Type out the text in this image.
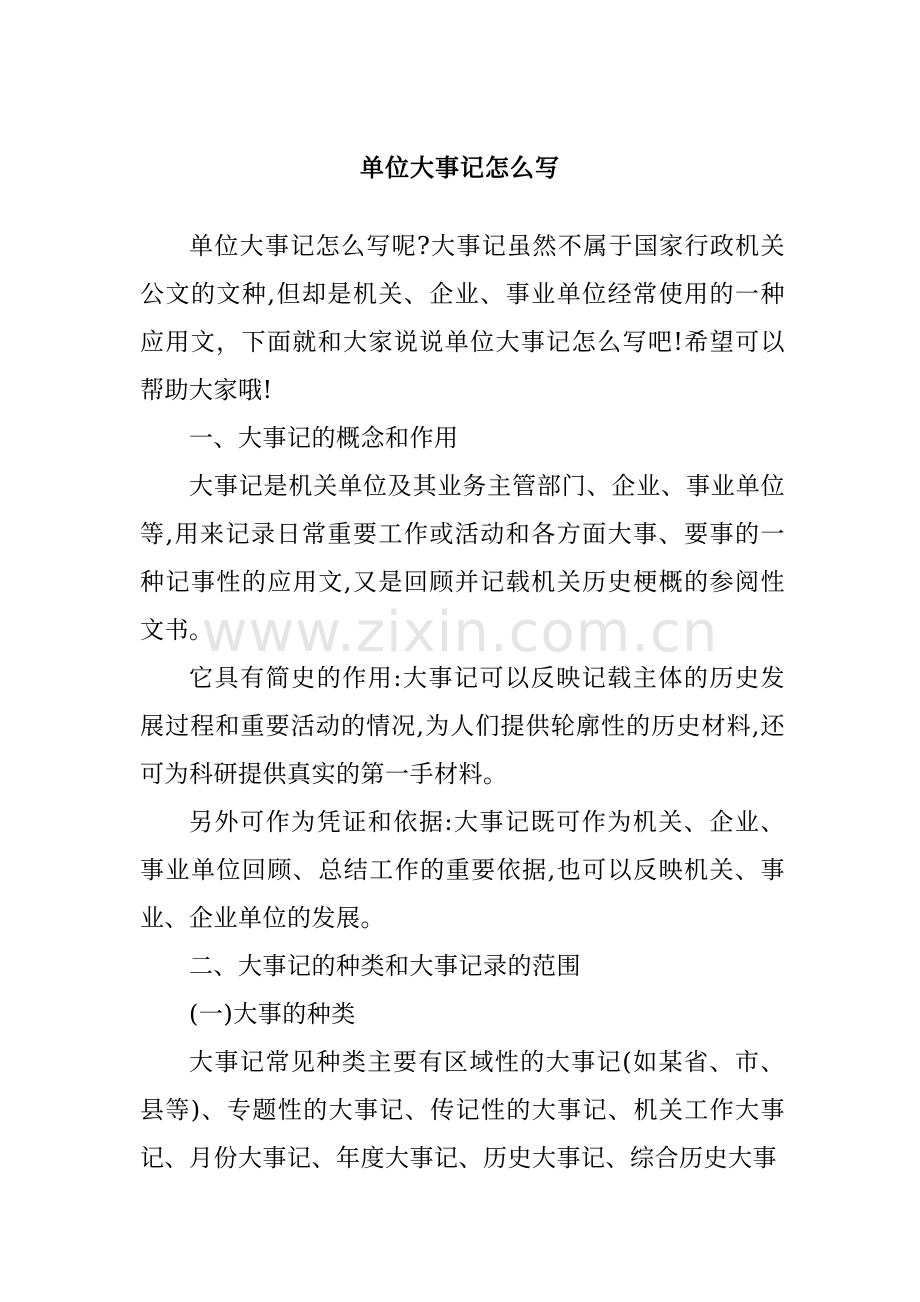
单位大事记怎么写
www.zixin.com.cn

单位大事记怎么写呢?大事记虽然不属于国家行政机关公文的文种,但却是机关、企业、事业单位经常使用的一种应用文，下面就和大家说说单位大事记怎么写吧!希望可以帮助大家哦!

一、大事记的概念和作用

大事记是机关单位及其业务主管部门、企业、事业单位等,用来记录日常重要工作或活动和各方面大事、要事的一种记事性的应用文,又是回顾并记载机关历史梗概的参阅性文书。

它具有简史的作用:大事记可以反映记载主体的历史发展过程和重要活动的情况,为人们提供轮廓性的历史材料,还可为科研提供真实的第一手材料。

另外可作为凭证和依据:大事记既可作为机关、企业、事业单位回顾、总结工作的重要依据,也可以反映机关、事业、企业单位的发展。

二、大事记的种类和大事记录的范围

(一)大事的种类

大事记常见种类主要有区域性的大事记(如某省、市、县等)、专题性的大事记、传记性的大事记、机关工作大事记、月份大事记、年度大事记、历史大事记、综合历史大事
